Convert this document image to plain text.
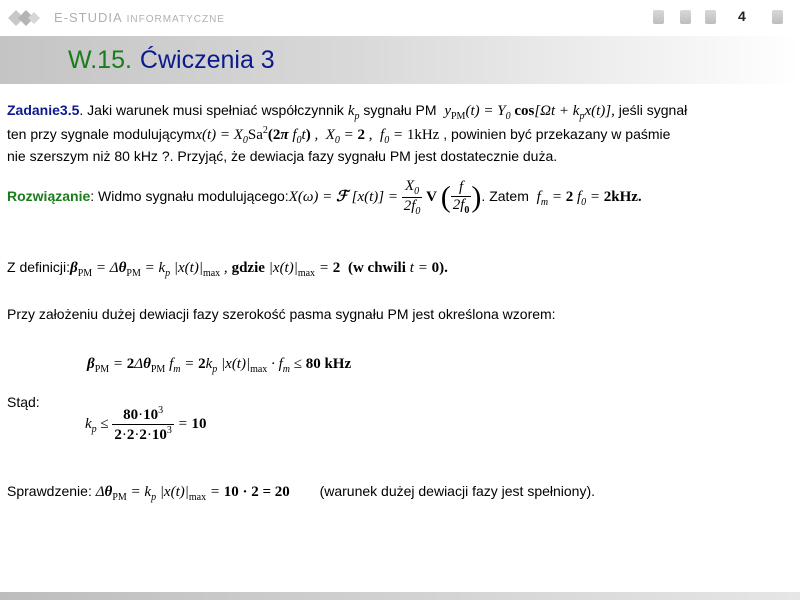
E-STUDIA INFORMATYCZNE	4
W.15. Ćwiczenia 3
Zadanie3.5. Jaki warunek musi spełniać współczynnik $k_p$ sygnału PM $y_{PM}(t) = Y_0$ $\cos[\Omega t + k_px(t)]$, jeśli sygnał
ten przy sygnale modulującymx(t) = $X_0Sa^2(2\pi$ $f_0t$) ,  $X_0 = 2$ ,  $f_0 = 1kHz$ , powinien być przekazany w paśmie
nie szerszym niż 80 kHz ?. Przyjąć, że dewiacja fazy sygnału PM jest dostatecznie duża.
Rozwiązanie: Widmo sygnału modulującego:X(ω) = ℱ $[x(t)] = \frac{X_0}{2f_0}$ V ( $\frac{f}{2f_0}$ ). Zatem $f_m = 2$ $f_0 = 2kHz$.
Z $definicji:\beta_{PM} = \Delta\theta_{PM} = k_p$ $|x(t)|_{max}$ , gdzie $|x(t)|_{max} = 2$ (w chwili t = 0).
Przy założeniu dużej dewiacji fazy szerokość pasma sygnału PM jest określona wzorem:
$\beta_{PM} = 2\Delta\theta_{PM}$ $f_m = 2k_p$ $|x(t)|_{max} \cdot f_m \le 80$ kHz
Stąd:
$k_p \le \frac{80\cdot 10^3}{2\cdot 2\cdot 2\cdot 10^3} = 10$
Sprawdzenie: $\Delta\theta_{PM} = k_p$ $|x(t)|_{max} = 10 \cdot 2 = 20$ (warunek dużej dewiacji fazy jest spełniony).
